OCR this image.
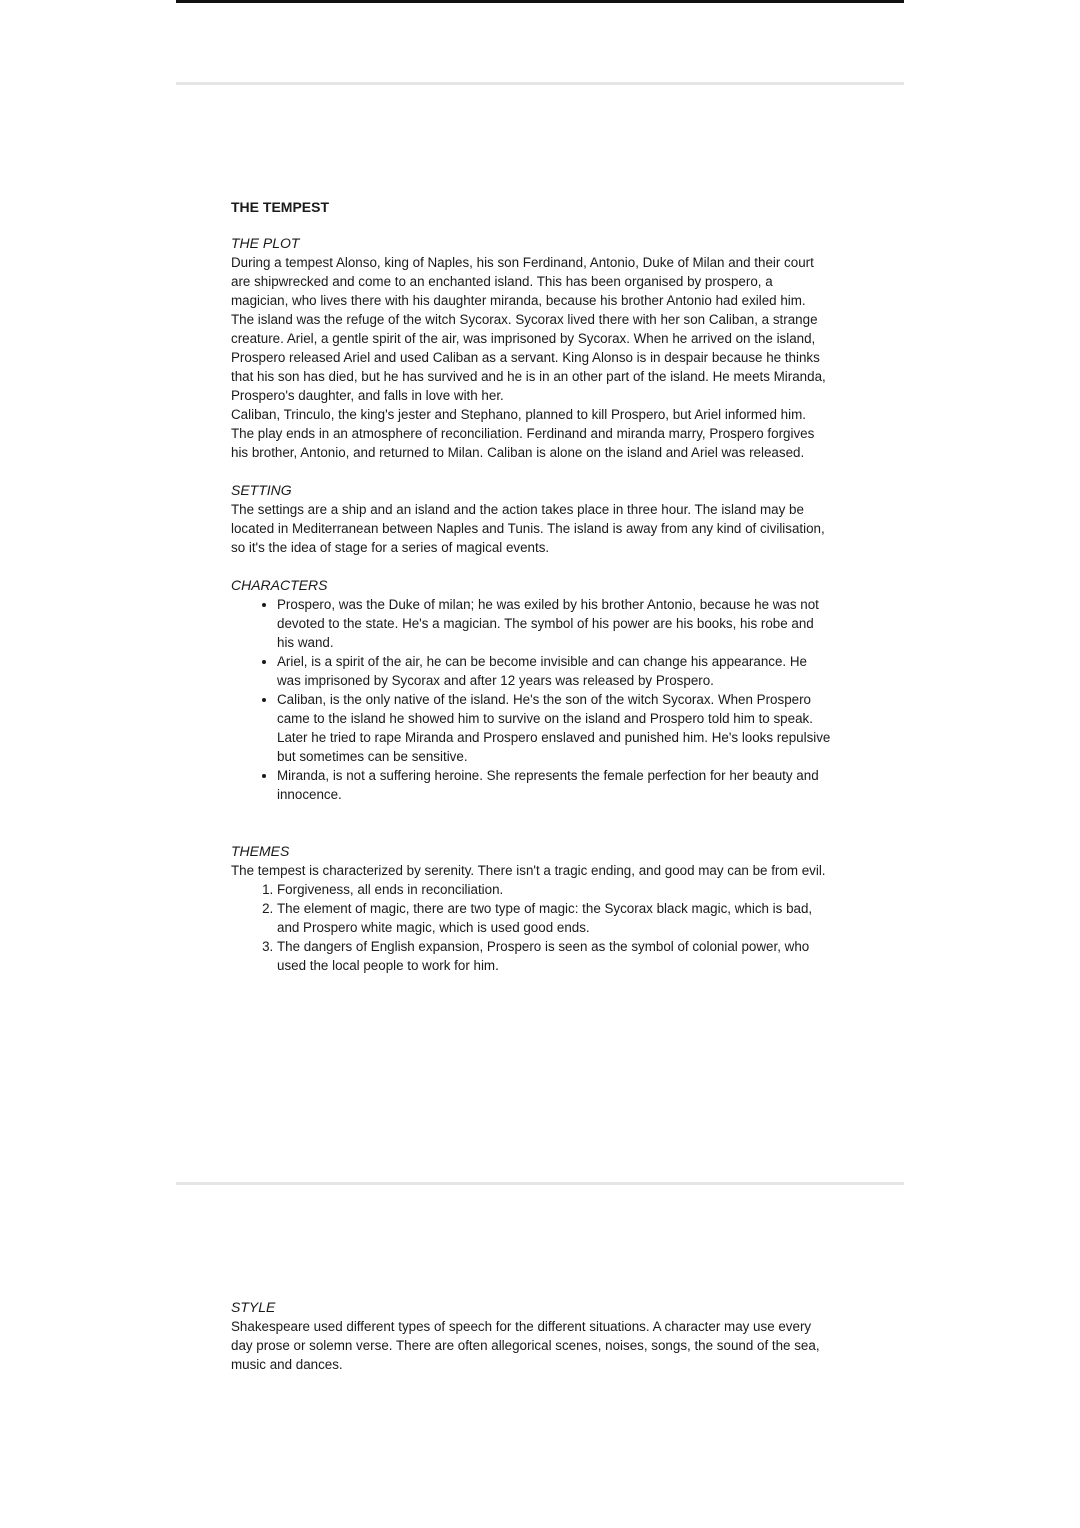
THE TEMPEST
THE PLOT

During a tempest Alonso, king of Naples, his son Ferdinand, Antonio, Duke of Milan and their court are shipwrecked and come to an enchanted island. This has been organised by prospero, a magician, who lives there with his daughter miranda, because his brother Antonio had exiled him. The island was the refuge of the witch Sycorax. Sycorax lived there with her son Caliban, a strange creature. Ariel, a gentle spirit of the air, was imprisoned by Sycorax. When he arrived on the island, Prospero released Ariel and used Caliban as a servant. King Alonso is in despair because he thinks that his son has died, but he has survived and he is in an other part of the island. He meets Miranda, Prospero's daughter, and falls in love with her.

Caliban, Trinculo, the king's jester and Stephano, planned to kill Prospero, but Ariel informed him.

The play ends in an atmosphere of reconciliation. Ferdinand and miranda marry, Prospero forgives his brother, Antonio, and returned to Milan. Caliban is alone on the island and Ariel was released.

SETTING

The settings are a ship and an island and the action takes place in three hour. The island may be located in Mediterranean between Naples and Tunis. The island is away from any kind of civilisation, so it's the idea of stage for a series of magical events.

CHARACTERS
• Prospero, was the Duke of milan; he was exiled by his brother Antonio, because he was not devoted to the state. He's a magician. The symbol of his power are his books, his robe and his wand.
• Ariel, is a spirit of the air, he can be become invisible and can change his appearance. He was imprisoned by Sycorax and after 12 years was released by Prospero.
• Caliban, is the only native of the island. He's the son of the witch Sycorax. When Prospero came to the island he showed him to survive on the island and Prospero told him to speak. Later he tried to rape Miranda and Prospero enslaved and punished him. He's looks repulsive but sometimes can be sensitive.
• Miranda, is not a suffering heroine. She represents the female perfection for her beauty and innocence.
THEMES

The tempest is characterized by serenity. There isn't a tragic ending, and good may can be from evil.

1. Forgiveness, all ends in reconciliation.
2. The element of magic, there are two type of magic: the Sycorax black magic, which is bad, and Prospero white magic, which is used good ends.
3. The dangers of English expansion, Prospero is seen as the symbol of colonial power, who used the local people to work for him.
STYLE

Shakespeare used different types of speech for the different situations. A character may use every day prose or solemn verse. There are often allegorical scenes, noises, songs, the sound of the sea, music and dances.
